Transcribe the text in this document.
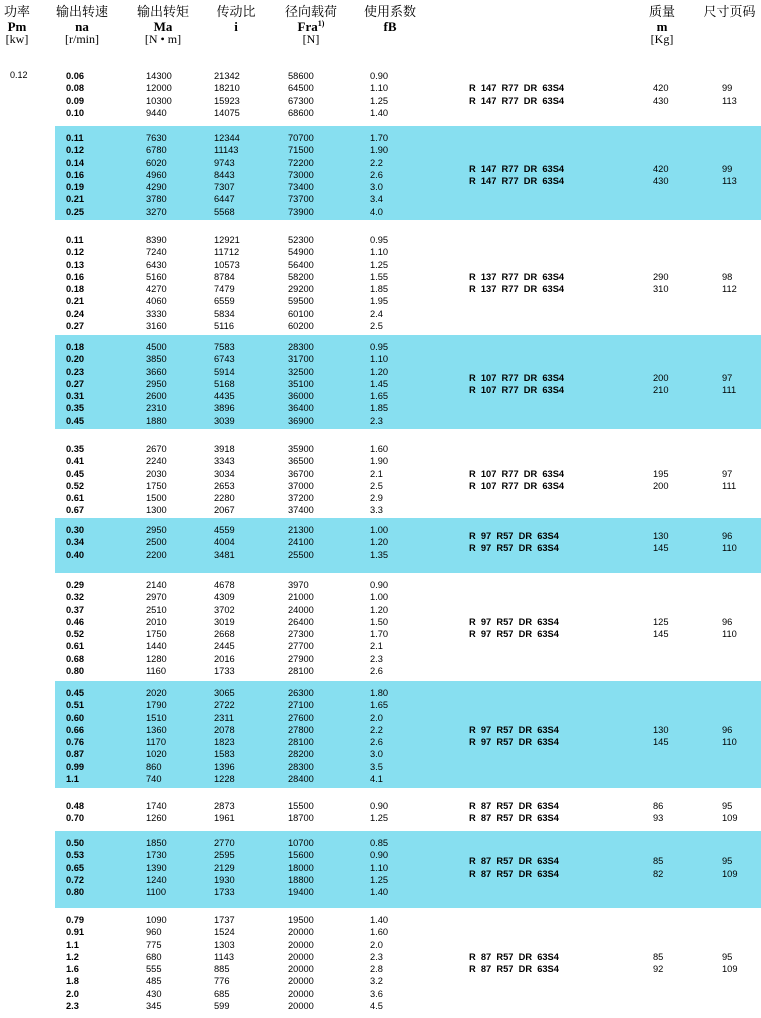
功率
Pm
[kw]
输出转速
na
[r/min]
输出转矩
Ma
[N • m]
传动比
i
径向载荷
Fra$^{1)}$
[N]
使用系数
fB
质量
m
[Kg]
尺寸页码
0.12	0.06
0.08
0.09
0.10
14300
12000
10300
9440
21342
18210
15923
14075
58600
64500
67300
68600
0.90
1.10
1.25
1.40
R  147  R77  DR  63S4
R  147  R77  DR  63S4
420
430
99
113
0.11
0.12
0.14
0.16
0.19
0.21
0.25
7630
6780
6020
4960
4290
3780
3270
12344
11143
9743
8443
7307
6447
5568
70700
71500
72200
73000
73400
73700
73900
1.70
1.90
2.2
2.6
3.0
3.4
4.0
R  147  R77  DR  63S4
R  147  R77  DR  63S4
420
430
99
113
0.11
0.12
0.13
0.16
0.18
0.21
0.24
0.27
8390
7240
6430
5160
4270
4060
3330
3160
12921
11712
10573
8784
7479
6559
5834
5116
52300
54900
56400
58200
29200
59500
60100
60200
0.95
1.10
1.25
1.55
1.85
1.95
2.4
2.5
R  137  R77  DR  63S4
R  137  R77  DR  63S4
290
310
98
112
0.18
0.20
0.23
0.27
0.31
0.35
0.45
4500
3850
3660
2950
2600
2310
1880
7583
6743
5914
5168
4435
3896
3039
28300
31700
32500
35100
36000
36400
36900
0.95
1.10
1.20
1.45
1.65
1.85
2.3
R  107  R77  DR  63S4
R  107  R77  DR  63S4
200
210
97
111
0.35
0.41
0.45
0.52
0.61
0.67
2670
2240
2030
1750
1500
1300
3918
3343
3034
2653
2280
2067
35900
36500
36700
37000
37200
37400
1.60
1.90
2.1
2.5
2.9
3.3
R  107  R77  DR  63S4
R  107  R77  DR  63S4
195
200
97
111
0.30
0.34
0.40
2950
2500
2200
4559
4004
3481
21300
24100
25500
1.00
1.20
1.35
R  97  R57  DR  63S4
R  97  R57  DR  63S4
130
145
96
110
0.29
0.32
0.37
0.46
0.52
0.61
0.68
0.80
2140
2970
2510
2010
1750
1440
1280
1160
4678
4309
3702
3019
2668
2445
2016
1733
3970
21000
24000
26400
27300
27700
27900
28100
0.90
1.00
1.20
1.50
1.70
2.1
2.3
2.6
R  97  R57  DR  63S4
R  97  R57  DR  63S4
125
145
96
110
0.45
0.51
0.60
0.66
0.76
0.87
0.99
1.1
2020
1790
1510
1360
1170
1020
860
740
3065
2722
2311
2078
1823
1583
1396
1228
26300
27100
27600
27800
28100
28200
28300
28400
1.80
1.65
2.0
2.2
2.6
3.0
3.5
4.1
R  97  R57  DR  63S4
R  97  R57  DR  63S4
130
145
96
110
0.48
0.70
1740
1260
2873
1961
15500
18700
0.90
1.25
R  87  R57  DR  63S4
R  87  R57  DR  63S4
86
93
95
109
0.50
0.53
0.65
0.72
0.80
1850
1730
1390
1240
1100
2770
2595
2129
1930
1733
10700
15600
18000
18800
19400
0.85
0.90
1.10
1.25
1.40
R  87  R57  DR  63S4
R  87  R57  DR  63S4
85
82
95
109
0.79
0.91
1.1
1.2
1.6
1.8
2.0
2.3
1090
960
775
680
555
485
430
345
1737
1524
1303
1143
885
776
685
599
19500
20000
20000
20000
20000
20000
20000
20000
1.40
1.60
2.0
2.3
2.8
3.2
3.6
4.5
R  87  R57  DR  63S4
R  87  R57  DR  63S4
85
92
95
109
